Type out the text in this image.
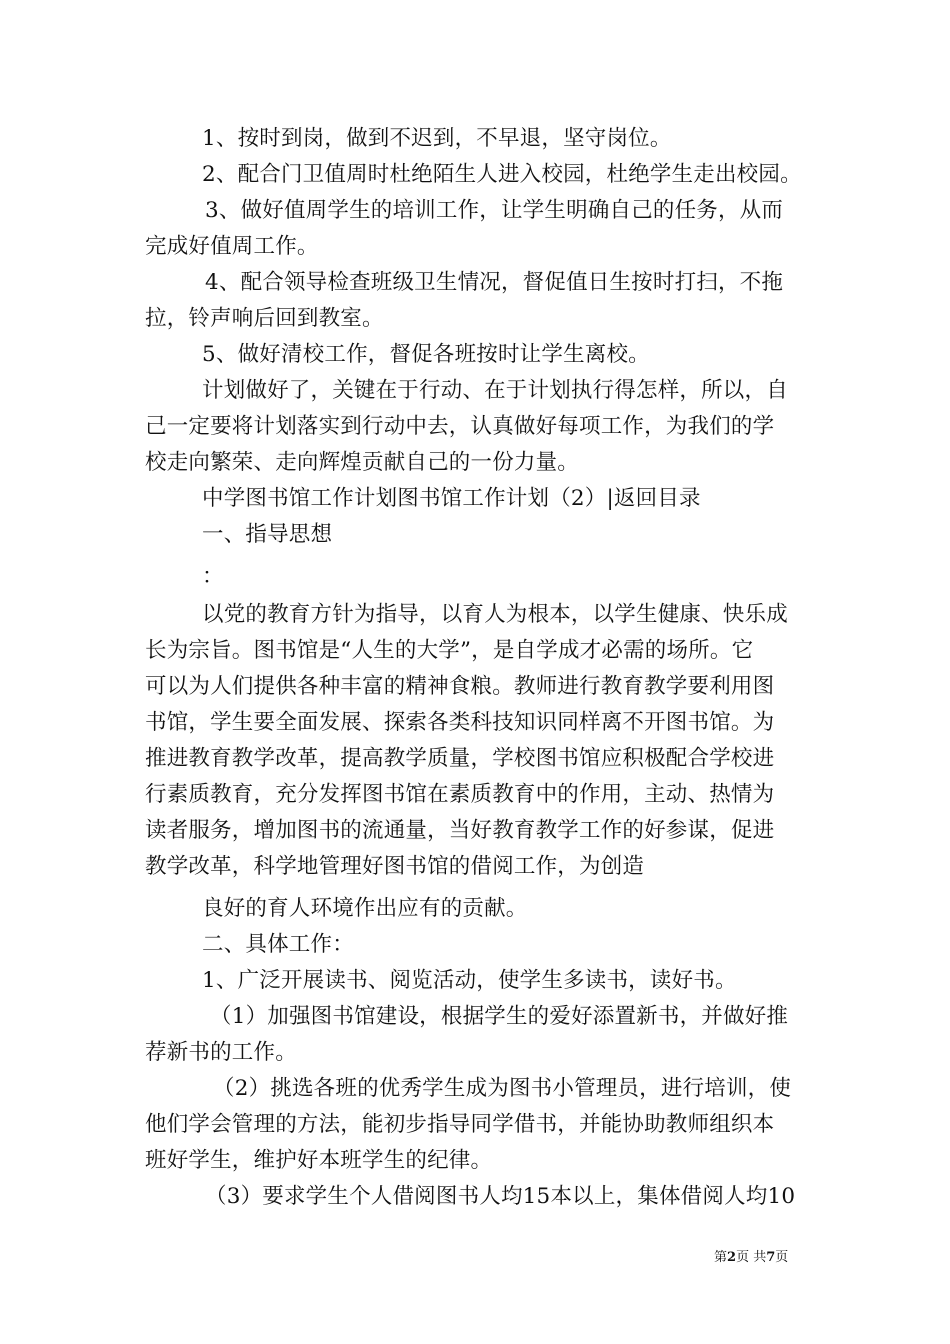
1、按时到岗，做到不迟到，不早退，坚守岗位。
2、配合门卫值周时杜绝陌生人进入校园，杜绝学生走出校园。
3、做好值周学生的培训工作，让学生明确自己的任务，从而
完成好值周工作。
4、配合领导检查班级卫生情况，督促值日生按时打扫，不拖
拉，铃声响后回到教室。
5、做好清校工作，督促各班按时让学生离校。
计划做好了，关键在于行动、在于计划执行得怎样，所以，自
己一定要将计划落实到行动中去，认真做好每项工作，为我们的学
校走向繁荣、走向辉煌贡献自己的一份力量。
中学图书馆工作计划图书馆工作计划（2）|返回目录
一、指导思想
：
以党的教育方针为指导，以育人为根本，以学生健康、快乐成
长为宗旨。图书馆是“人生的大学”，是自学成才必需的场所。它
可以为人们提供各种丰富的精神食粮。教师进行教育教学要利用图
书馆，学生要全面发展、探索各类科技知识同样离不开图书馆。为
推进教育教学改革，提高教学质量，学校图书馆应积极配合学校进
行素质教育，充分发挥图书馆在素质教育中的作用，主动、热情为
读者服务，增加图书的流通量，当好教育教学工作的好参谋，促进
教学改革，科学地管理好图书馆的借阅工作，为创造
良好的育人环境作出应有的贡献。
二、具体工作：
1、广泛开展读书、阅览活动，使学生多读书，读好书。
（1）加强图书馆建设，根据学生的爱好添置新书，并做好推
荐新书的工作。
（2）挑选各班的优秀学生成为图书小管理员，进行培训，使
他们学会管理的方法，能初步指导同学借书，并能协助教师组织本
班好学生，维护好本班学生的纪律。
（3）要求学生个人借阅图书人均15本以上，集体借阅人均10
第2页 共7页
